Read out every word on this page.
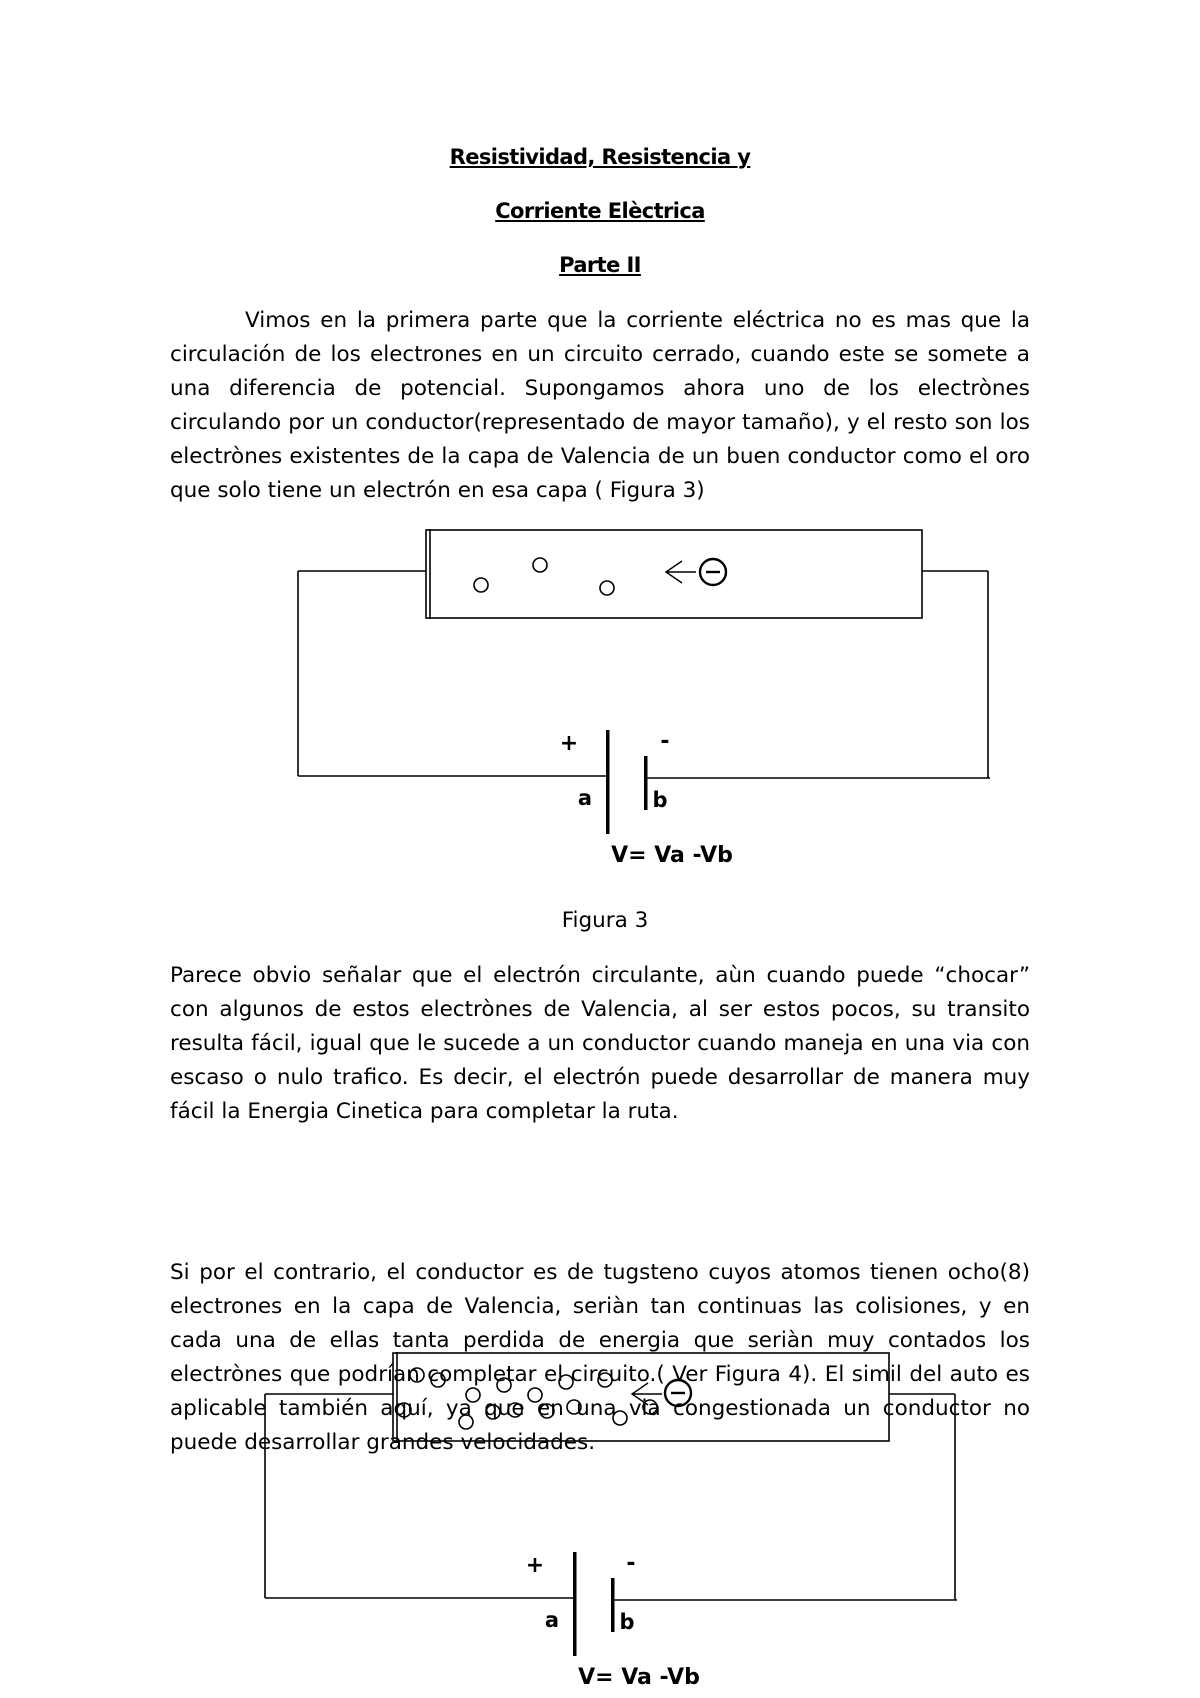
Resistividad, Resistencia y
Corriente Elèctrica
Parte II

Vimos en la primera parte que la corriente eléctrica no es mas que la circulación de los electrones en un circuito cerrado, cuando este se somete a una diferencia de potencial. Supongamos ahora uno de los electrònes circulando por un conductor(representado de mayor tamaño), y el resto son los electrònes existentes de la capa de Valencia de un buen conductor como el oro que solo tiene un electrón en esa capa ( Figura 3)

+	-
a	b
V= Va -Vb
Figura 3

Parece obvio señalar que el electrón circulante, aùn cuando puede “chocar” con algunos de estos electrònes de Valencia, al ser estos pocos, su transito resulta fácil, igual que le sucede a un conductor cuando maneja en una via con escaso o nulo trafico. Es decir, el electrón puede desarrollar de manera muy fácil la Energia Cinetica para completar la ruta.

Si por el contrario, el conductor es de tugsteno cuyos atomos tienen ocho(8) electrones en la capa de Valencia, seriàn tan continuas las colisiones, y en cada una de ellas tanta perdida de energia que seriàn muy contados los electrònes que podrían completar el circuito.( Ver Figura 4). El simil del auto es aplicable también aquí, ya que en una via congestionada un conductor no puede desarrollar grandes velocidades.

+	-
a	b
V= Va -Vb
